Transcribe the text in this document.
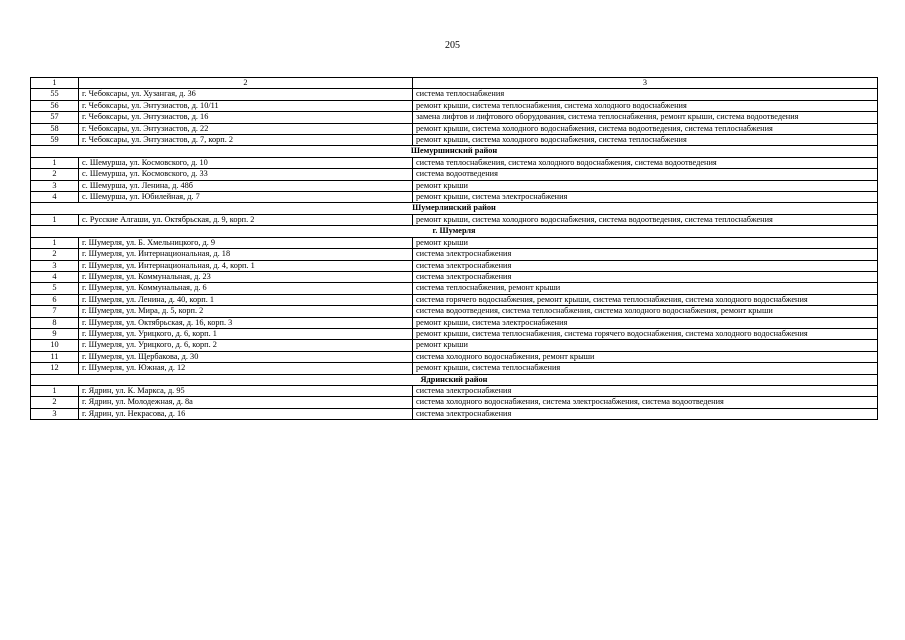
205
1	2	3
55	г. Чебоксары, ул. Хузангая, д. 36	система теплоснабжения
56	г. Чебоксары, ул. Энтузиастов, д. 10/11	ремонт крыши, система теплоснабжения, система холодного водоснабжения
57	г. Чебоксары, ул. Энтузиастов, д. 16	замена лифтов и лифтового оборудования, система теплоснабжения, ремонт крыши, система водоотведения
58	г. Чебоксары, ул. Энтузиастов, д. 22	ремонт крыши, система холодного водоснабжения, система водоотведения, система теплоснабжения
59	г. Чебоксары, ул. Энтузиастов, д. 7, корп. 2	ремонт крыши, система холодного водоснабжения, система теплоснабжения
Шемуршинский район		
1	с. Шемурша, ул. Космовского, д. 10	система теплоснабжения, система холодного водоснабжения, система водоотведения
2	с. Шемурша, ул. Космовского, д. 33	система водоотведения
3	с. Шемурша, ул. Ленина, д. 48б	ремонт крыши
4	с. Шемурша, ул. Юбилейная, д. 7	ремонт крыши, система электроснабжения
Шумерлинский район		
1	с. Русские Алгаши, ул. Октябрьская, д. 9, корп. 2	ремонт крыши, система холодного водоснабжения, система водоотведения, система теплоснабжения
г. Шумерля		
1	г. Шумерля, ул. Б. Хмельницкого, д. 9	ремонт крыши
2	г. Шумерля, ул. Интернациональная, д. 18	система электроснабжения
3	г. Шумерля, ул. Интернациональная, д. 4, корп. 1	система электроснабжения
4	г. Шумерля, ул. Коммунальная, д. 23	система электроснабжения
5	г. Шумерля, ул. Коммунальная, д. 6	система теплоснабжения, ремонт крыши
6	г. Шумерля, ул. Ленина, д. 40, корп. 1	система горячего водоснабжения, ремонт крыши, система теплоснабжения, система холодного водоснабжения
7	г. Шумерля, ул. Мира, д. 5, корп. 2	система водоотведения, система теплоснабжения, система холодного водоснабжения, ремонт крыши
8	г. Шумерля, ул. Октябрьская, д. 16, корп. 3	ремонт крыши, система электроснабжения
9	г. Шумерля, ул. Урицкого, д. 6, корп. 1	ремонт крыши, система теплоснабжения, система горячего водоснабжения, система холодного водоснабжения
10	г. Шумерля, ул. Урицкого, д. 6, корп. 2	ремонт крыши
11	г. Шумерля, ул. Щербакова, д. 30	система холодного водоснабжения, ремонт крыши
12	г. Шумерля, ул. Южная, д. 12	ремонт крыши, система теплоснабжения
Ядринский район		
1	г. Ядрин, ул. К. Маркса, д. 95	система электроснабжения
2	г. Ядрин, ул. Молодежная, д. 8а	система холодного водоснабжения, система электроснабжения, система водоотведения
3	г. Ядрин, ул. Некрасова, д. 16	система электроснабжения
